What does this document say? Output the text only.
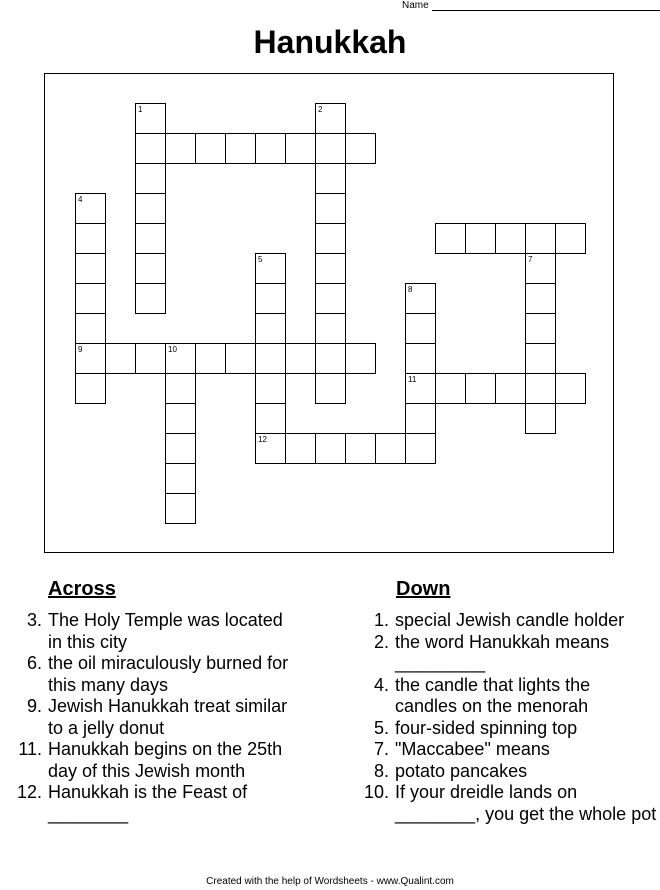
Name
Hanukkah
9	10
11
12
1	2
4
5	7
8
Across	Down
3. The Holy Temple was located in this city
6. the oil miraculously burned for this many days
9. Jewish Hanukkah treat similar to a jelly donut
11. Hanukkah begins on the 25th day of this Jewish month
12. Hanukkah is the Feast of ________
1. special Jewish candle holder
2. the word Hanukkah means _________
4. the candle that lights the candles on the menorah
5. four-sided spinning top
7. "Maccabee" means
8. potato pancakes
10. If your dreidle lands on ________, you get the whole pot
Created with the help of Wordsheets - www.Qualint.com
